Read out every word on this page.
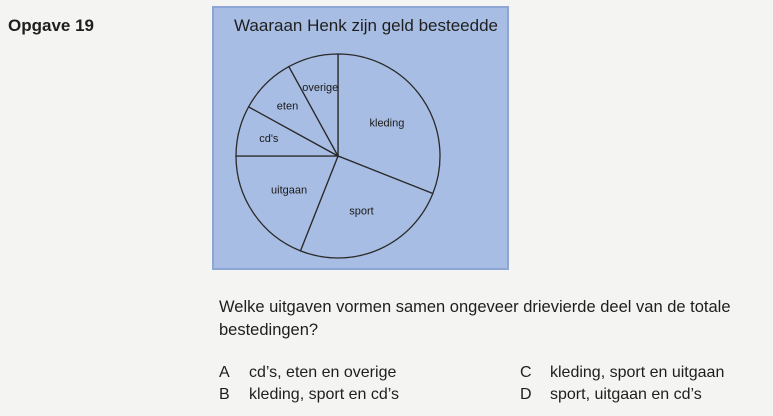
Opgave 19	Waaraan Henk zijn geld besteedde
kleding
sport
uitgaan
cd's
eten
overige
Welke uitgaven vormen samen ongeveer drievierde deel van de totale bestedingen?
A cd’s, eten en overige
B kleding, sport en cd’s
C kleding, sport en uitgaan
D sport, uitgaan en cd’s
